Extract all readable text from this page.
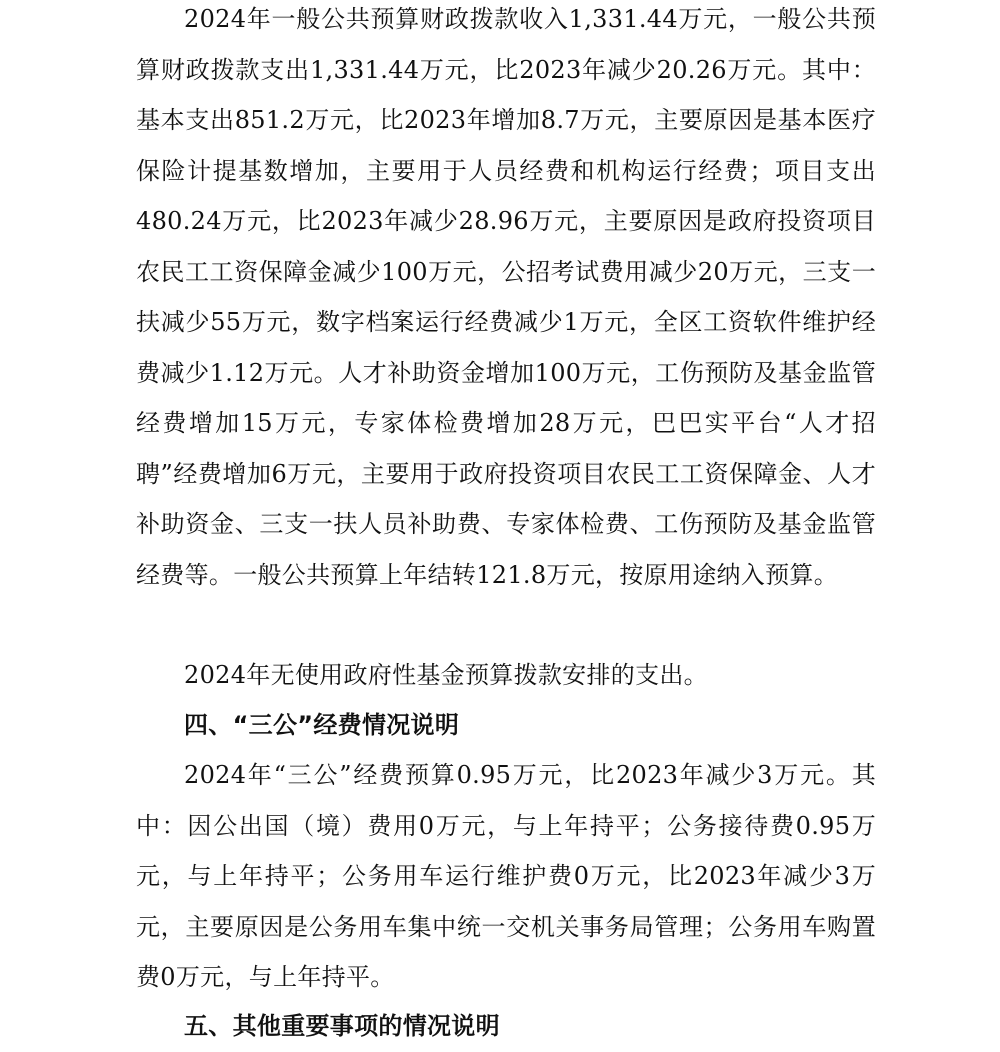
2024年一般公共预算财政拨款收入1,331.44万元，一般公共预算财政拨款支出1,331.44万元，比2023年减少20.26万元。其中：基本支出851.2万元，比2023年增加8.7万元，主要原因是基本医疗保险计提基数增加，主要用于人员经费和机构运行经费；项目支出480.24万元，比2023年减少28.96万元，主要原因是政府投资项目农民工工资保障金减少100万元，公招考试费用减少20万元，三支一扶减少55万元，数字档案运行经费减少1万元，全区工资软件维护经费减少1.12万元。人才补助资金增加100万元，工伤预防及基金监管经费增加15万元，专家体检费增加28万元，巴巴实平台“人才招聘”经费增加6万元，主要用于政府投资项目农民工工资保障金、人才补助资金、三支一扶人员补助费、专家体检费、工伤预防及基金监管经费等。一般公共预算上年结转121.8万元，按原用途纳入预算。

2024年无使用政府性基金预算拨款安排的支出。

四、“三公”经费情况说明

2024年“三公”经费预算0.95万元，比2023年减少3万元。其中：因公出国（境）费用0万元，与上年持平；公务接待费0.95万元，与上年持平；公务用车运行维护费0万元，比2023年减少3万元，主要原因是公务用车集中统一交机关事务局管理；公务用车购置费0万元，与上年持平。

五、其他重要事项的情况说明
